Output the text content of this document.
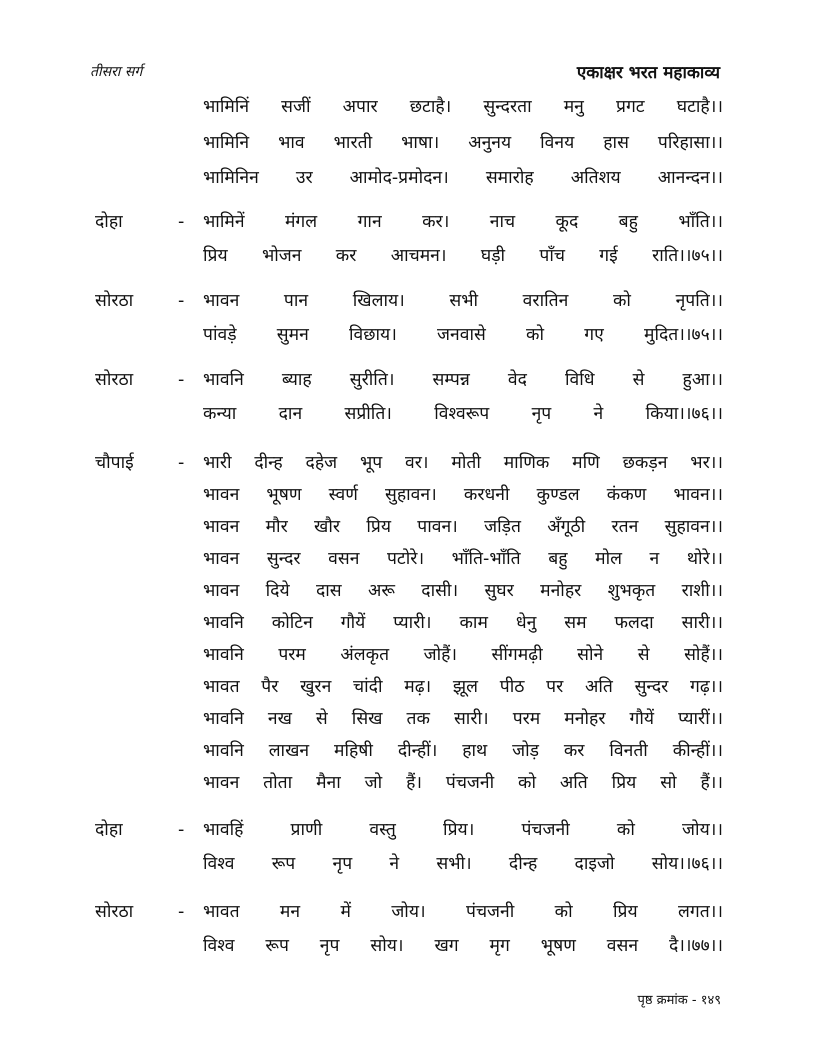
तीसरा सर्ग	एकाक्षर भरत महाकाव्य
भामिनिं सजीं अपार छटाहै। सुन्दरता मनु प्रगट घटाहै।।
भामिनि भाव भारती भाषा। अनुनय विनय हास परिहासा।।
भामिनिन उर आमोद-प्रमोदन। समारोह अतिशय आनन्दन।।
दोहा	- भामिनें मंगल गान कर। नाच कूद बहु भाँति।।
प्रिय भोजन कर आचमन। घड़ी पाँच गई राति।।७५।।
सोरठा	- भावन पान खिलाय। सभी वरातिन को नृपति।।
पांवड़े सुमन विछाय। जनवासे को गए मुदित।।७५।।
सोरठा	- भावनि ब्याह सुरीति। सम्पन्न वेद विधि से हुआ।।
कन्या दान सप्रीति। विश्वरूप नृप ने किया।।७६।।
चौपाई	- भारी दीन्ह दहेज भूप वर। मोती माणिक मणि छकड़न भर।।
भावन भूषण स्वर्ण सुहावन। करधनी कुण्डल कंकण भावन।।
भावन मौर खौर प्रिय पावन। जड़ित अँगूठी रतन सुहावन।।
भावन सुन्दर वसन पटोरे। भाँति-भाँति बहु मोल न थोरे।।
भावन दिये दास अरू दासी। सुघर मनोहर शुभकृत राशी।।
भावनि कोटिन गौयें प्यारी। काम धेनु सम फलदा सारी।।
भावनि परम अंलकृत जोहैं। सींगमढ़ी सोने से सोहैं।।
भावत पैर खुरन चांदी मढ़। झूल पीठ पर अति सुन्दर गढ़।।
भावनि नख से सिख तक सारी। परम मनोहर गौयें प्यारीं।।
भावनि लाखन महिषी दीन्हीं। हाथ जोड़ कर विनती कीन्हीं।।
भावन तोता मैना जो हैं। पंचजनी को अति प्रिय सो हैं।।
दोहा	- भावहिं प्राणी वस्तु प्रिय। पंचजनी को जोय।।
विश्व रूप नृप ने सभी। दीन्ह दाइजो सोय।।७६।।
सोरठा	- भावत मन में जोय। पंचजनी को प्रिय लगत।।
विश्व रूप नृप सोय। खग मृग भूषण वसन दै।।७७।।
पृष्ठ क्रमांक - १४९
